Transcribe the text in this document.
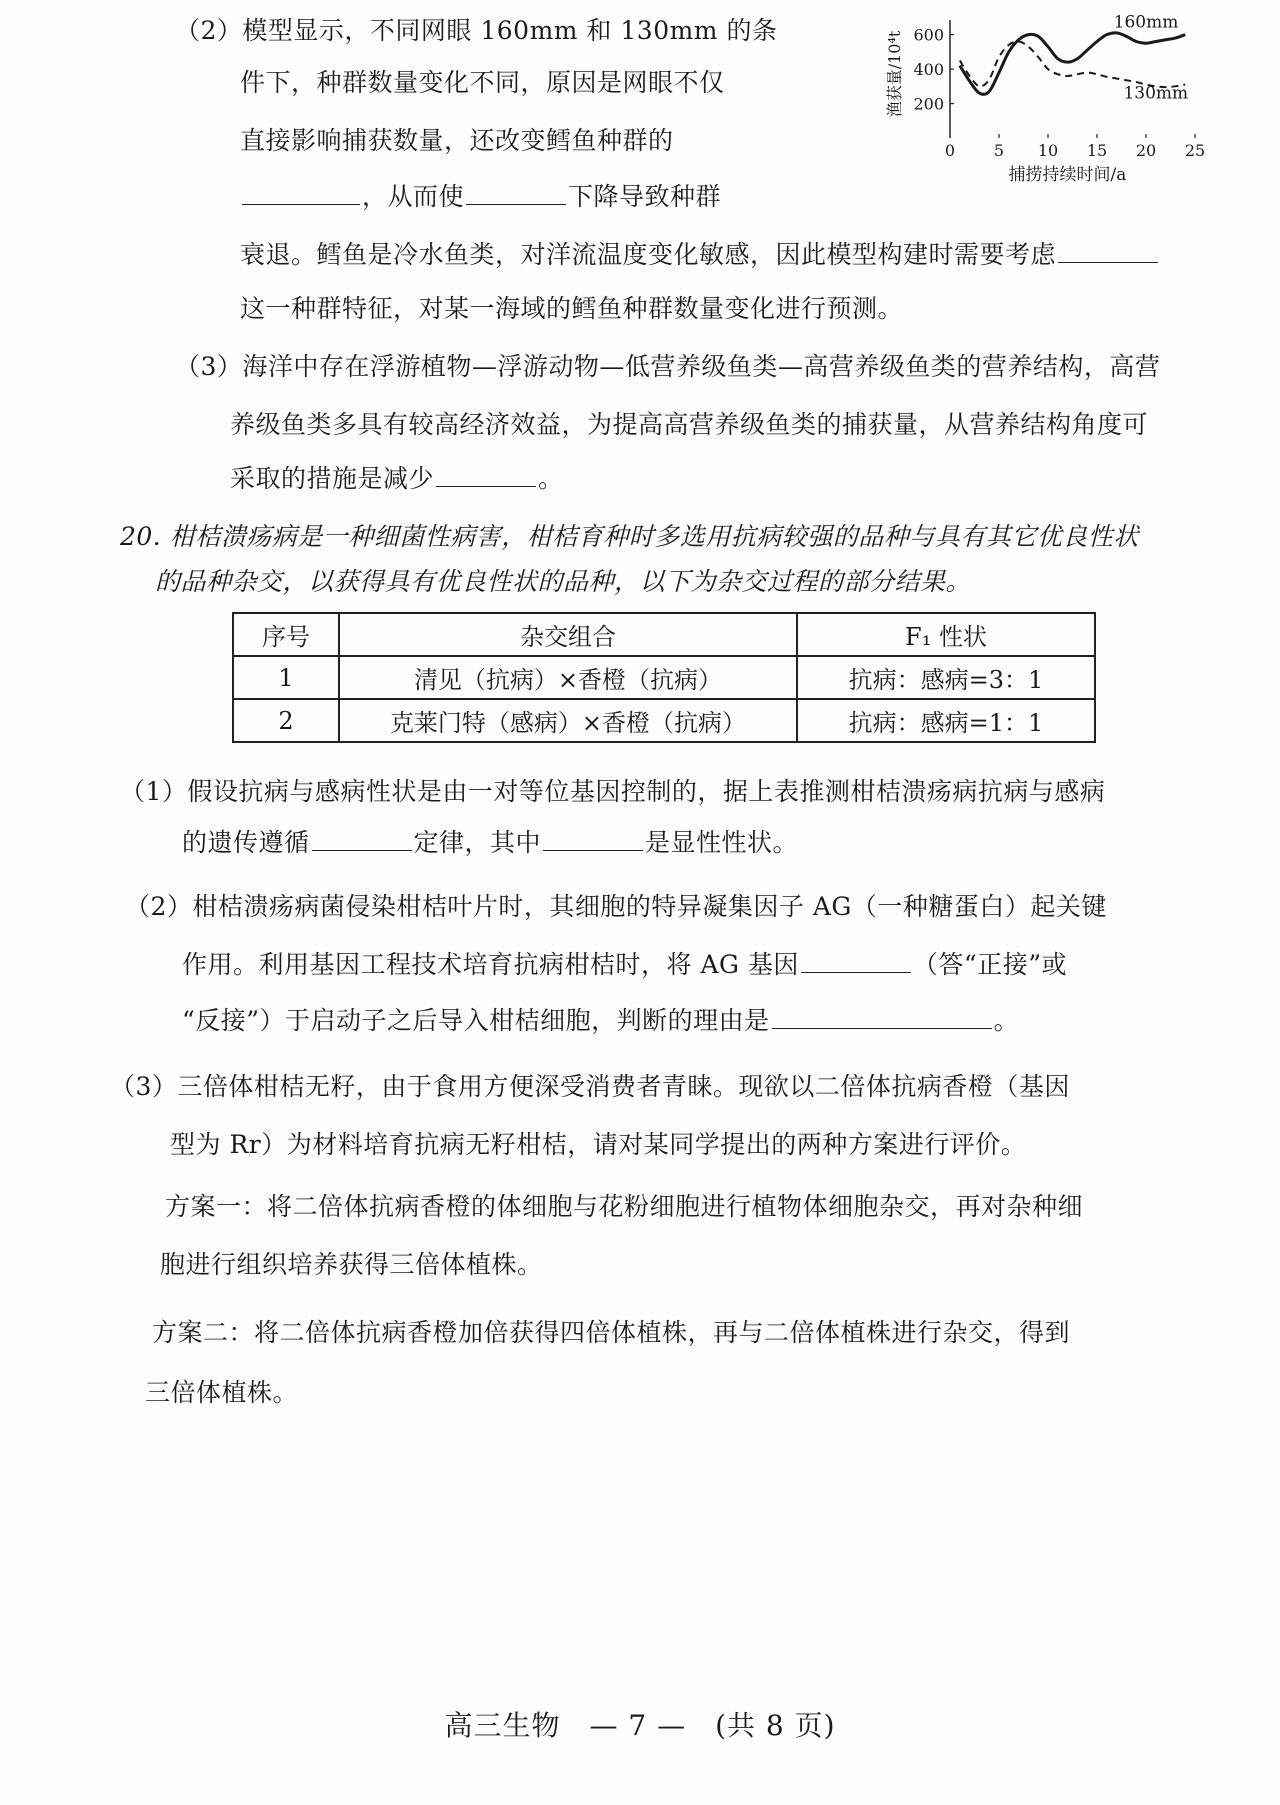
（2）模型显示，不同网眼 160mm 和 130mm 的条
件下，种群数量变化不同，原因是网眼不仅
直接影响捕获数量，还改变鳕鱼种群的
，从而使	下降导致种群
衰退。鳕鱼是冷水鱼类，对洋流温度变化敏感，因此模型构建时需要考虑
这一种群特征，对某一海域的鳕鱼种群数量变化进行预测。
0 5 10 15 20 25
200
400
600
捕捞持续时间/a
渔获量/10⁴t
160mm
130mm
（3）海洋中存在浮游植物—浮游动物—低营养级鱼类—高营养级鱼类的营养结构，高营
养级鱼类多具有较高经济效益，为提高高营养级鱼类的捕获量，从营养结构角度可
采取的措施是减少	。
20. 柑桔溃疡病是一种细菌性病害，柑桔育种时多选用抗病较强的品种与具有其它优良性状
的品种杂交，以获得具有优良性状的品种，以下为杂交过程的部分结果。
序号	杂交组合	F₁ 性状
1	清见（抗病）×香橙（抗病）	抗病：感病=3：1
2	克莱门特（感病）×香橙（抗病）	抗病：感病=1：1
（1）假设抗病与感病性状是由一对等位基因控制的，据上表推测柑桔溃疡病抗病与感病
的遗传遵循	定律，其中	是显性性状。
（2）柑桔溃疡病菌侵染柑桔叶片时，其细胞的特异凝集因子 AG（一种糖蛋白）起关键
作用。利用基因工程技术培育抗病柑桔时，将 AG 基因	（答“正接”或
“反接”）于启动子之后导入柑桔细胞，判断的理由是	。
（3）三倍体柑桔无籽，由于食用方便深受消费者青睐。现欲以二倍体抗病香橙（基因
型为 Rr）为材料培育抗病无籽柑桔，请对某同学提出的两种方案进行评价。
方案一：将二倍体抗病香橙的体细胞与花粉细胞进行植物体细胞杂交，再对杂种细
胞进行组织培养获得三倍体植株。
方案二：将二倍体抗病香橙加倍获得四倍体植株，再与二倍体植株进行杂交，得到
三倍体植株。
高三生物　— 7 —　(共 8 页)
